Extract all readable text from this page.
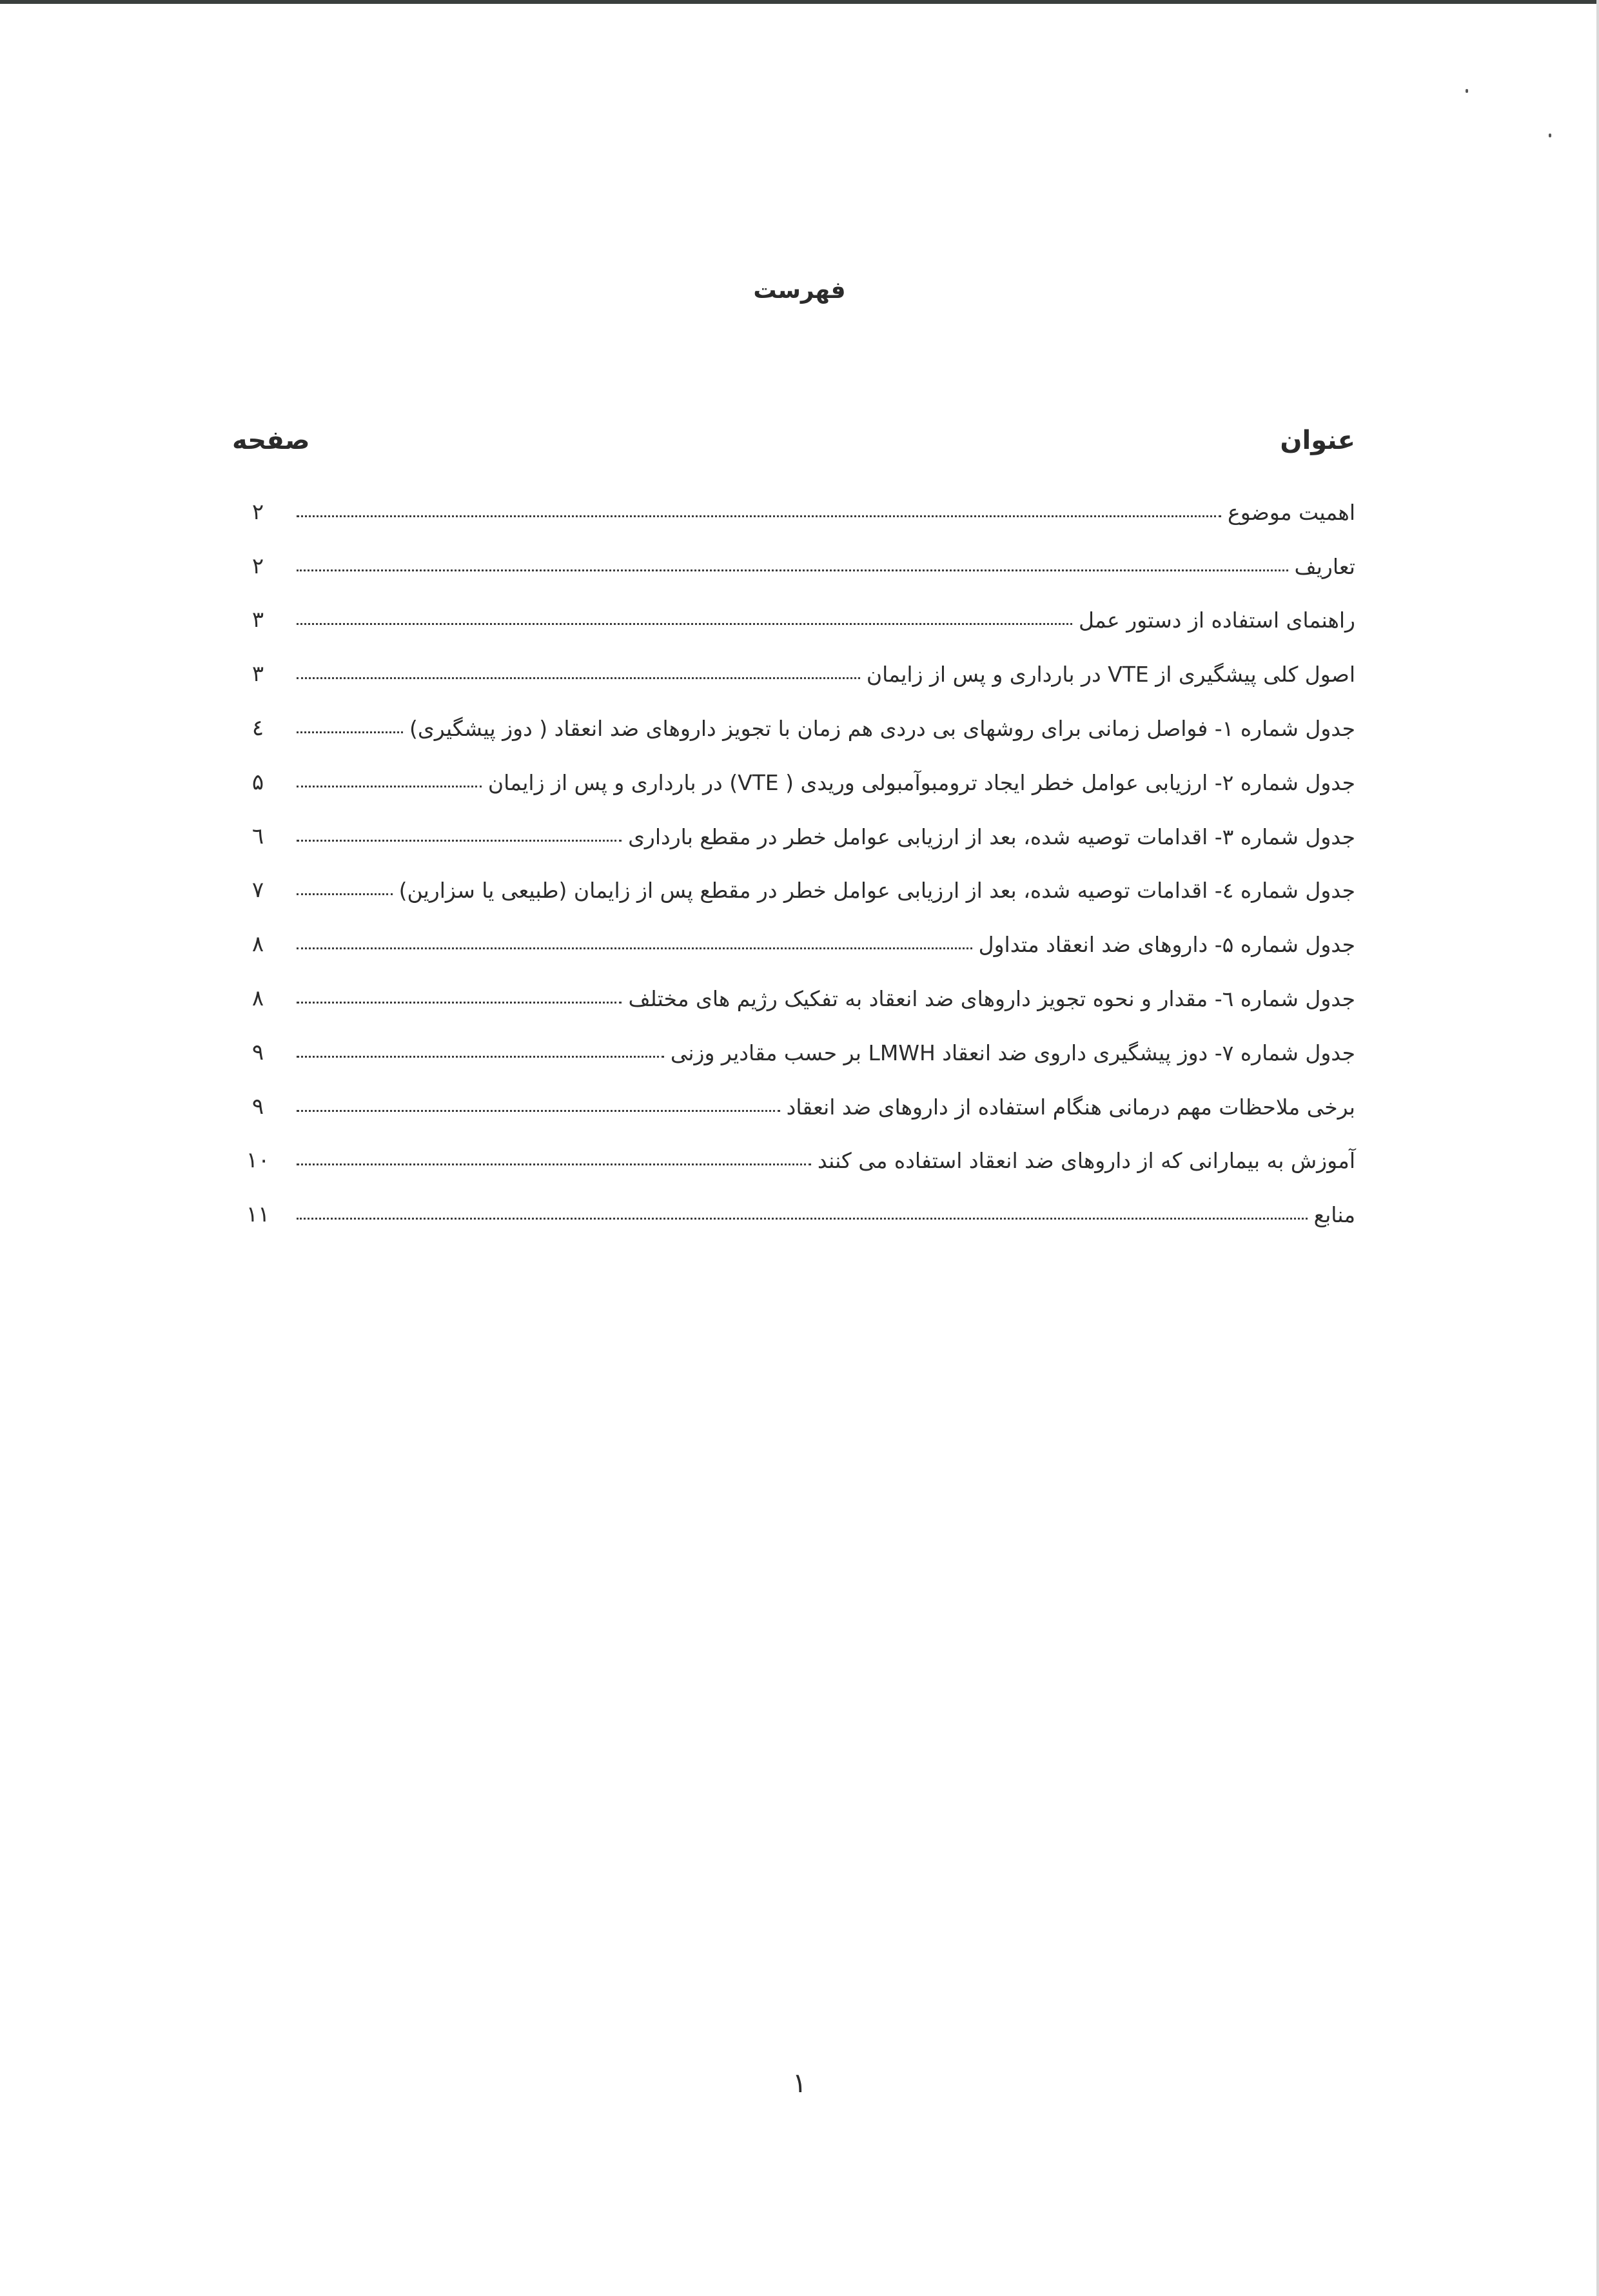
فهرست
عنوان
صفحه
اهمیت موضوع
۲
تعاریف
۲
راهنمای استفاده از دستور عمل
۳
اصول کلی پیشگیری از VTE در بارداری و پس از زایمان
۳
جدول شماره ۱- فواصل زمانی برای روشهای بی دردی هم زمان با تجویز داروهای ضد انعقاد ( دوز پیشگیری)
٤
جدول شماره ۲- ارزیابی عوامل خطر ایجاد ترومبوآمبولی وریدی ( VTE) در بارداری و پس از زایمان
۵
جدول شماره ۳- اقدامات توصیه شده، بعد از ارزیابی عوامل خطر در مقطع بارداری
٦
جدول شماره ٤- اقدامات توصیه شده، بعد از ارزیابی عوامل خطر در مقطع پس از زایمان (طبیعی یا سزارین)
۷
جدول شماره ۵- داروهای ضد انعقاد متداول
۸
جدول شماره ٦- مقدار و نحوه تجویز داروهای ضد انعقاد به تفکیک رژیم های مختلف
۸
جدول شماره ۷- دوز پیشگیری داروی ضد انعقاد LMWH بر حسب مقادیر وزنی
۹
برخی ملاحظات مهم درمانی هنگام استفاده از داروهای ضد انعقاد
۹
آموزش به بیمارانی که از داروهای ضد انعقاد استفاده می کنند
۱۰
منابع
۱۱
۱
